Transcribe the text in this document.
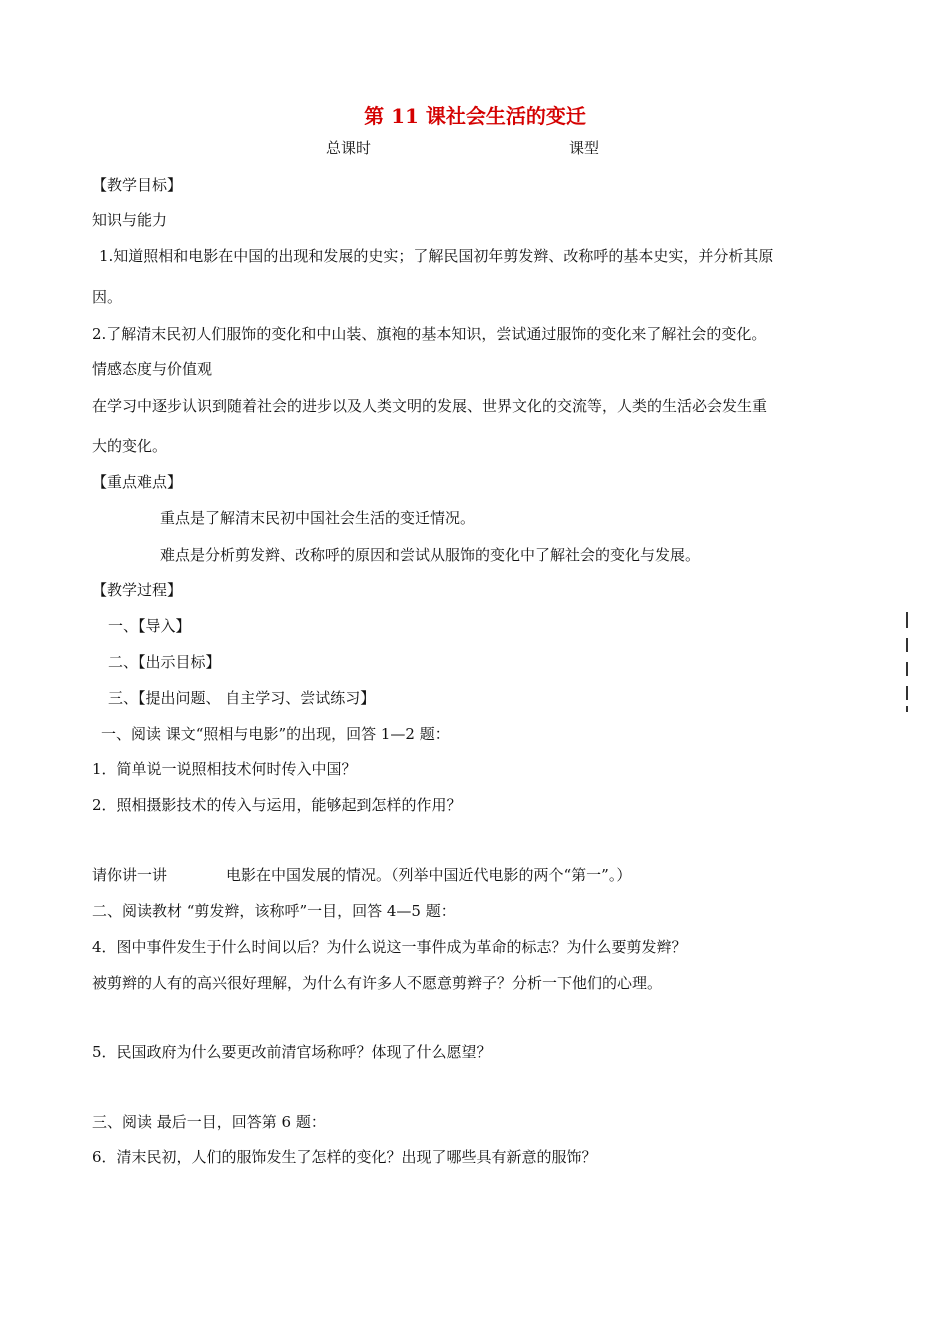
第 11 课社会生活的变迁
总课时	课型
【教学目标】
知识与能力
1.知道照相和电影在中国的出现和发展的史实；了解民国初年剪发辫、改称呼的基本史实，并分析其原
因。
2.了解清末民初人们服饰的变化和中山装、旗袍的基本知识，尝试通过服饰的变化来了解社会的变化。
情感态度与价值观
在学习中逐步认识到随着社会的进步以及人类文明的发展、世界文化的交流等，人类的生活必会发生重
大的变化。
【重点难点】
重点是了解清末民初中国社会生活的变迁情况。
难点是分析剪发辫、改称呼的原因和尝试从服饰的变化中了解社会的变化与发展。
【教学过程】
一、【导入】
二、【出示目标】
三、【提出问题、 自主学习、尝试练习】
一、阅读 课文“照相与电影”的出现，回答 1—2 题：
1．简单说一说照相技术何时传入中国？
2．照相摄影技术的传入与运用，能够起到怎样的作用？
请你讲一讲	电影在中国发展的情况。（列举中国近代电影的两个“第一”。）
二、阅读教材 “剪发辫，该称呼”一目，回答 4—5 题：
4．图中事件发生于什么时间以后？为什么说这一事件成为革命的标志？为什么要剪发辫？
被剪辫的人有的高兴很好理解，为什么有许多人不愿意剪辫子？分析一下他们的心理。
5．民国政府为什么要更改前清官场称呼？体现了什么愿望？
三、阅读 最后一目，回答第 6 题：
6．清末民初，人们的服饰发生了怎样的变化？出现了哪些具有新意的服饰？
